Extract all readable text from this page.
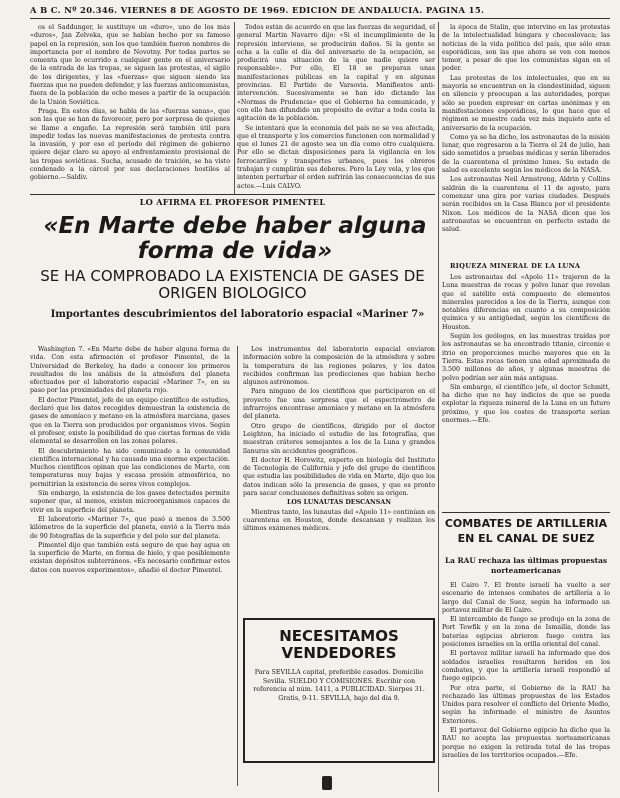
A B C. Nº 20.346. VIERNES 8 DE AGOSTO DE 1969. EDICION DE ANDALUCIA. PAGINA 15.

os el Saddunger, le sustituye un «duro», uno de los más «duros», Jan Zelveka, que se habían hecho por su famoso papel en la represión, son los que también fueron nombres de importancia por el nombre de Novotny. Por todas partes se comenta que lo ocurrido a cualquier gente en el aniversario de la entrada de las tropas, se siguen las protestas, el sigilo de los dirigentes, y las «fuerzas» que siguen siendo las fuerzas que no pueden defender, y las fuerzas anticomunistas, fuera de la población de ocho meses a partir de la ocupación de la Unión Soviética.

Praga. En estos días, se habla de las «fuerzas sanas», que son las que se han de favorecer, pero por sorpresa de quienes se llame a engaño. La represión será también útil para impedir todas las nuevas manifestaciones de protesta contra la invasión, y por eso el período del régimen de gobierno quiere dejar claro su apoyo al enfrentamiento provisional de las tropas soviéticas. Sucha, acusado de traición, se ha visto condenado a la cárcel por sus declaraciones hostiles al gobierno.—Saldiv.

Todos están de acuerdo en que las fuerzas de seguridad, el general Martin Navarro dijo: «Si el incumplimiento de la represión interviene, se producirán daños. Si la gente se echa a la calle el día del aniversario de la ocupación, se producirá una situación de la que nadie quiere ser responsable». Por ello, El 18 se preparan unas manifestaciones públicas en la capital y en algunas provincias. El Partido de Varsovia. Manifiestos anti-intervención. Sucesivamente se han ido dictando las «Normas de Prudencia» que el Gobierno ha comunicado, y con ello han difundido un propósito de evitar a toda costa la agitación de la población.

Se intentará que la economía del país no se vea afectada, que el transporte y los comercios funcionen con normalidad y que el lunes 21 de agosto sea un día como otro cualquiera. Por ello se dictan disposiciones para la vigilancia en los ferrocarriles y transportes urbanos, pues los obreros trabajan y cumplirán sus deberes. Pero la Ley vela, y los que intenten perturbar el orden sufrirán las consecuencias de sus actos.—Luis CALVO.

la época de Stalin, que intervino en las protestas de la intelectualidad húngara y checoslovaca; las noticias de la vida política del país, que sólo eran esporádicas, son las que ahora se ven con menos temor, a pesar de que los comunistas sigan en el poder.

Las protestas de los intelectuales, que en su mayoría se encuentran en la clandestinidad, siguen en silencio y preocupan a las autoridades, porque sólo se pueden expresar en cartas anónimas y en manifestaciones esporádicas, lo que hace que el régimen se muestre cada vez más inquieto ante el aniversario de la ocupación.

Como ya se ha dicho, los astronautas de la misión lunar, que regresaron a la Tierra el 24 de julio, han sido sometidos a pruebas médicas y serán liberados de la cuarentena el próximo lunes. Su estado de salud es excelente según los médicos de la NASA.

Los astronautas Neil Armstrong, Aldrin y Collins saldrán de la cuarentena el 11 de agosto, para comenzar una gira por varias ciudades. Después serán recibidos en la Casa Blanca por el presidente Nixon. Los médicos de la NASA dicen que los astronautas se encuentran en perfecto estado de salud.

RIQUEZA MINERAL DE LA LUNA

Los astronautas del «Apolo 11» trajeron de la Luna muestras de rocas y polvo lunar que revelan que el satélite está compuesto de elementos minerales parecidos a los de la Tierra, aunque con notables diferencias en cuanto a su composición química y su antigüedad, según los científicos de Houston.

Según los geólogos, en las muestras traídas por los astronautas se ha encontrado titanio, circonio e itrio en proporciones mucho mayores que en la Tierra. Estas rocas tienen una edad aproximada de 3.500 millones de años, y algunas muestras de polvo podrían ser aún más antiguas.

Sin embargo, el científico jefe, el doctor Schmitt, ha dicho que no hay indicios de que se pueda explotar la riqueza mineral de la Luna en un futuro próximo, y que los costes de transporte serían enormes.—Efe.

LO AFIRMA EL PROFESOR PIMENTEL
«En Marte debe haber alguna forma de vida»
SE HA COMPROBADO LA EXISTENCIA DE GASES DE ORIGEN BIOLOGICO
Importantes descubrimientos del laboratorio espacial «Mariner 7»

Washington 7. «En Marte debe de haber alguna forma de vida. Con esta afirmación el profesor Pimentel, de la Universidad de Berkeley, ha dado a conocer los primeros resultados de los análisis de la atmósfera del planeta efectuados por el laboratorio espacial «Mariner 7», en su paso por las proximidades del planeta rojo.

El doctor Pimentel, jefe de un equipo científico de estudios, declaró que los datos recogidos demuestran la existencia de gases de amoníaco y metano en la atmósfera marciana, gases que en la Tierra son producidos por organismos vivos. Según el profesor, existe la posibilidad de que ciertas formas de vida elemental se desarrollen en las zonas polares.

El descubrimiento ha sido comunicado a la comunidad científica internacional y ha causado una enorme expectación. Muchos científicos opinan que las condiciones de Marte, con temperaturas muy bajas y escasa presión atmosférica, no permitirían la existencia de seres vivos complejos.

Sin embargo, la existencia de los gases detectados permite suponer que, al menos, existen microorganismos capaces de vivir en la superficie del planeta.

El laboratorio «Mariner 7», que pasó a menos de 3.500 kilómetros de la superficie del planeta, envió a la Tierra más de 90 fotografías de la superficie y del polo sur del planeta.

Pimentel dijo que también está seguro de que hay agua en la superficie de Marte, en forma de hielo, y que posiblemente existan depósitos subterráneos. «Es necesario confirmar estos datos con nuevos experimentos», añadió el doctor Pimentel.

Los instrumentos del laboratorio espacial enviaron información sobre la composición de la atmósfera y sobre la temperatura de las regiones polares, y los datos recibidos confirman las predicciones que habían hecho algunos astrónomos.

Para ninguno de los científicos que participaron en el proyecto fue una sorpresa que el espectrómetro de infrarrojos encontrase amoníaco y metano en la atmósfera del planeta.

Otro grupo de científicos, dirigido por el doctor Leighton, ha iniciado el estudio de las fotografías, que muestran cráteres semejantes a los de la Luna y grandes llanuras sin accidentes geográficos.

El doctor H. Horowitz, experto en biología del Instituto de Tecnología de California y jefe del grupo de científicos que estudia las posibilidades de vida en Marte, dijo que los datos indican sólo la presencia de gases, y que es pronto para sacar conclusiones definitivas sobre su origen.

LOS LUNAUTAS DESCANSAN

Mientras tanto, los lunautas del «Apolo 11» continúan en cuarentena en Houston, donde descansan y realizan los últimos exámenes médicos.

NECESITAMOS VENDEDORES
Para SEVILLA capital, preferible casados. Domicilio Sevilla. SUELDO Y COMISIONES. Escribir con referencia al núm. 1411, a PUBLICIDAD. Sierpes 31. Gratis, 9-11. SEVILLA, bajo del dia 9.
COMBATES DE ARTILLERIA EN EL CANAL DE SUEZ
La RAU rechaza las últimas propuestas norteamericanas

El Cairo 7. El frente israelí ha vuelto a ser escenario de intensos combates de artillería a lo largo del Canal de Suez, según ha informado un portavoz militar de El Cairo.

El intercambio de fuego se produjo en la zona de Port Tewfik y en la zona de Ismailía, donde las baterías egipcias abrieron fuego contra las posiciones israelíes en la orilla oriental del canal.

El portavoz militar israelí ha informado que dos soldados israelíes resultaron heridos en los combates, y que la artillería israelí respondió al fuego egipcio.

Por otra parte, el Gobierno de la RAU ha rechazado las últimas propuestas de los Estados Unidos para resolver el conflicto del Oriente Medio, según ha informado el ministro de Asuntos Exteriores.

El portavoz del Gobierno egipcio ha dicho que la RAU no acepta las propuestas norteamericanas porque no exigen la retirada total de las tropas israelíes de los territorios ocupados.—Efe.
